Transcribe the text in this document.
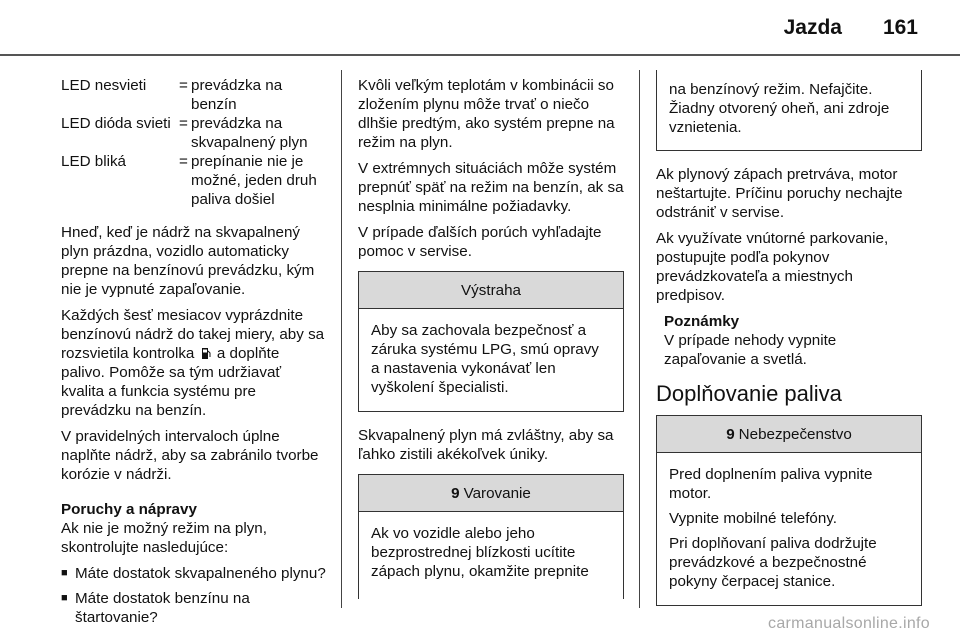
Jazda 161
LED nesvieti	= prevádzka na benzín
LED dióda svieti = prevádzka na skvapalnený plyn
LED bliká	= prepínanie nie je možné, jeden druh paliva došiel

Hneď, keď je nádrž na skvapalnený plyn prázdna, vozidlo automaticky prepne na benzínovú prevádzku, kým nie je vypnuté zapaľovanie.

Každých šesť mesiacov vyprázdnite benzínovú nádrž do takej miery, aby sa rozsvietila kontrolka a doplňte palivo. Pomôže sa tým udržiavať kvalita a funkcia systému pre prevádzku na benzín.

V pravidelných intervaloch úplne naplňte nádrž, aby sa zabránilo tvorbe korózie v nádrži.

Poruchy a nápravy

Ak nie je možný režim na plyn, skontrolujte nasledujúce:

■ Máte dostatok skvapalneného plynu?
■ Máte dostatok benzínu na štartovanie?

Kvôli veľkým teplotám v kombinácii so zložením plynu môže trvať o niečo dlhšie predtým, ako systém prepne na režim na plyn.

V extrémnych situáciách môže systém prepnúť späť na režim na benzín, ak sa nesplnia minimálne požiadavky.

V prípade ďalších porúch vyhľadajte pomoc v servise.

Výstraha

Aby sa zachovala bezpečnosť a záruka systému LPG, smú opravy a nastavenia vykonávať len vyškolení špecialisti.

Skvapalnený plyn má zvláštny, aby sa ľahko zistili akékoľvek úniky.

9 Varovanie

Ak vo vozidle alebo jeho bezprostrednej blízkosti ucítite zápach plynu, okamžite prepnite

na benzínový režim. Nefajčite. Žiadny otvorený oheň, ani zdroje vznietenia.

Ak plynový zápach pretrváva, motor neštartujte. Príčinu poruchy nechajte odstrániť v servise.

Ak využívate vnútorné parkovanie, postupujte podľa pokynov prevádzkovateľa a miestnych predpisov.

Poznámky

V prípade nehody vypnite zapaľovanie a svetlá.

Doplňovanie paliva
9 Nebezpečenstvo

Pred doplnením paliva vypnite motor.

Vypnite mobilné telefóny.

Pri doplňovaní paliva dodržujte prevádzkové a bezpečnostné pokyny čerpacej stanice.

carmanualsonline.info
